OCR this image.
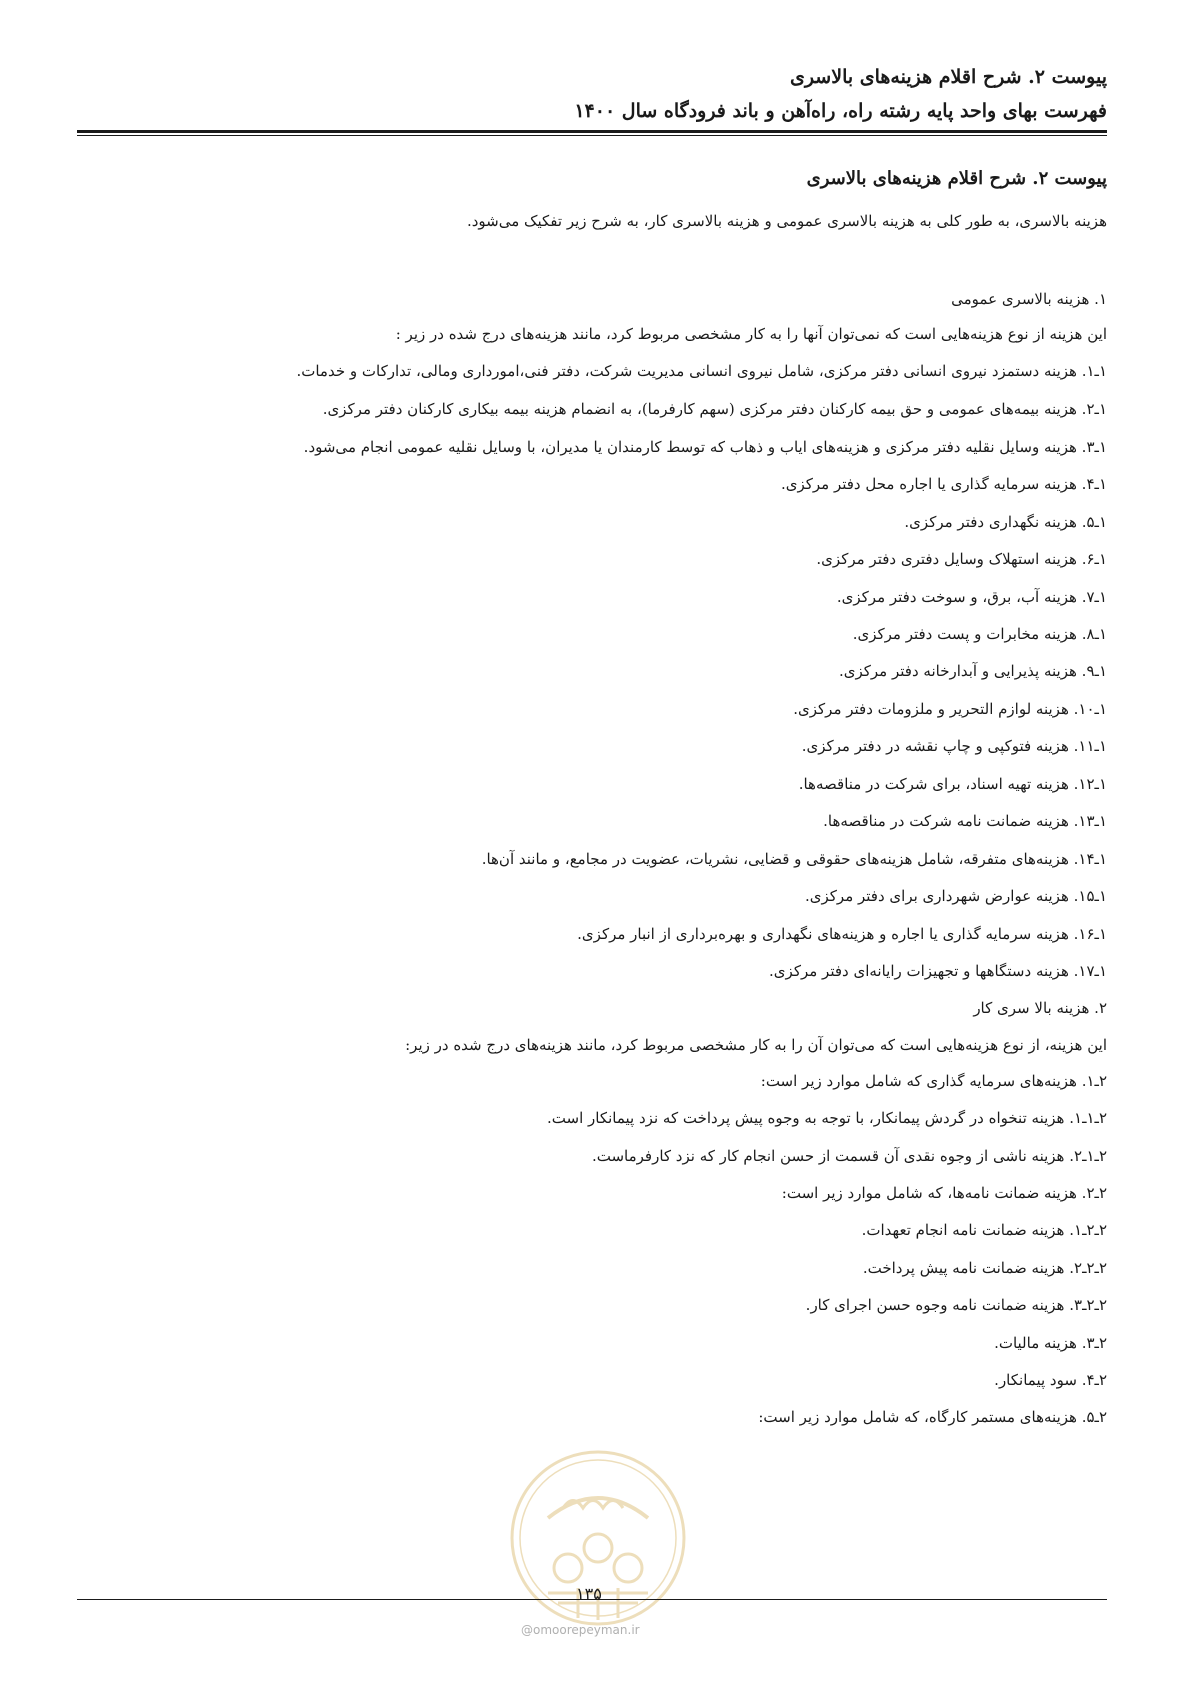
پیوست ۲. شرح اقلام هزینه‌های بالاسری
فهرست بهای واحد پایه رشته راه، راه‌آهن و باند فرودگاه سال ۱۴۰۰
پیوست ۲. شرح اقلام هزینه‌های بالاسری
هزینه بالاسری، به طور کلی به هزینه بالاسری عمومی و هزینه بالاسری کار، به شرح زیر تفکیک می‌شود.
۱. هزینه بالاسری عمومی
این هزینه از نوع هزینه‌هایی است که نمی‌توان آنها را به کار مشخصی مربوط کرد، مانند هزینه‌های درج شده در زیر :
۱ـ۱. هزینه دستمزد نیروی انسانی دفتر مرکزی، شامل نیروی انسانی مدیریت شرکت، دفتر فنی،امورداری ومالی، تدارکات و خدمات.
۱ـ۲. هزینه بیمه‌های عمومی و حق بیمه کارکنان دفتر مرکزی (سهم کارفرما)، به انضمام هزینه بیمه بیکاری کارکنان دفتر مرکزی.
۱ـ۳. هزینه وسایل نقلیه دفتر مرکزی و هزینه‌های ایاب و ذهاب که توسط کارمندان یا مدیران، با وسایل نقلیه عمومی انجام می‌شود.
۱ـ۴. هزینه سرمایه گذاری یا اجاره محل دفتر مرکزی.
۱ـ۵. هزینه نگهداری دفتر مرکزی.
۱ـ۶. هزینه استهلاک وسایل دفتری دفتر مرکزی.
۱ـ۷. هزینه آب، برق، و سوخت دفتر مرکزی.
۱ـ۸. هزینه مخابرات و پست دفتر مرکزی.
۱ـ۹. هزینه پذیرایی و آبدارخانه دفتر مرکزی.
۱ـ۱۰. هزینه لوازم التحریر و ملزومات دفتر مرکزی.
۱ـ۱۱. هزینه فتوکپی و چاپ نقشه در دفتر مرکزی.
۱ـ۱۲. هزینه تهیه اسناد، برای شرکت در مناقصه‌ها.
۱ـ۱۳. هزینه ضمانت نامه شرکت در مناقصه‌ها.
۱ـ۱۴. هزینه‌های متفرقه، شامل هزینه‌های حقوقی و قضایی، نشریات، عضویت در مجامع، و مانند آن‌ها.
۱ـ۱۵. هزینه عوارض شهرداری برای دفتر مرکزی.
۱ـ۱۶. هزینه سرمایه گذاری یا اجاره و هزینه‌های نگهداری و بهره‌برداری از انبار مرکزی.
۱ـ۱۷. هزینه دستگاهها و تجهیزات رایانه‌ای دفتر مرکزی.
۲. هزینه بالا سری کار
این هزینه، از نوع هزینه‌هایی است که می‌توان آن را به کار مشخصی مربوط کرد، مانند هزینه‌های درج شده در زیر:
۲ـ۱. هزینه‌های سرمایه گذاری که شامل موارد زیر است:
۲ـ۱ـ۱. هزینه تنخواه در گردش پیمانکار، با توجه به وجوه پیش پرداخت که نزد پیمانکار است.
۲ـ۱ـ۲. هزینه ناشی از وجوه نقدی آن قسمت از حسن انجام کار که نزد کارفرماست.
۲ـ۲. هزینه ضمانت نامه‌ها، که شامل موارد زیر است:
۲ـ۲ـ۱. هزینه ضمانت نامه انجام تعهدات.
۲ـ۲ـ۲. هزینه ضمانت نامه پیش پرداخت.
۲ـ۲ـ۳. هزینه ضمانت نامه وجوه حسن اجرای کار.
۲ـ۳. هزینه مالیات.
۲ـ۴. سود پیمانکار.
۲ـ۵. هزینه‌های مستمر کارگاه، که شامل موارد زیر است:
۱۳۵
@omoorepeyman.ir
